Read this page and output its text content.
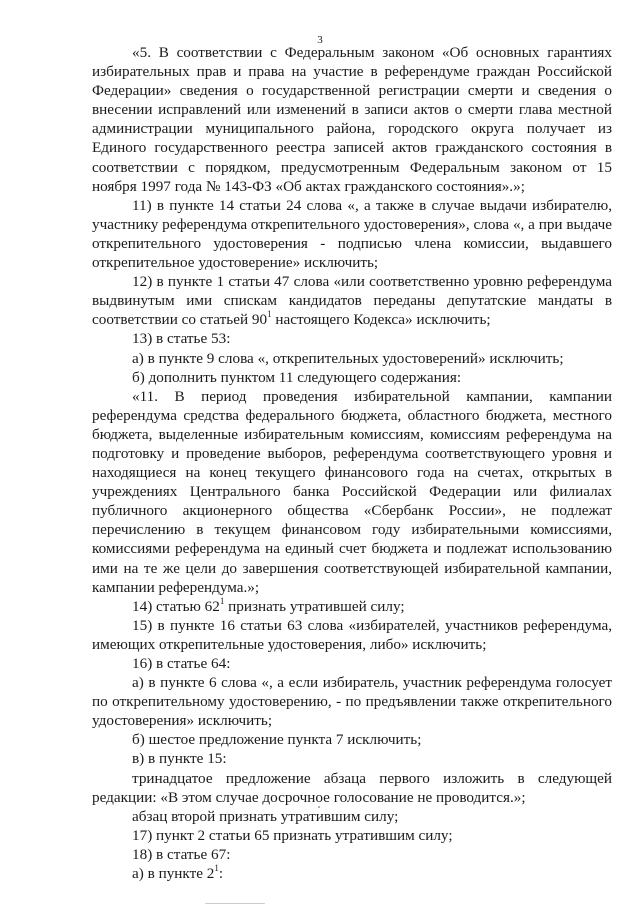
3

«5. В соответствии с Федеральным законом «Об основных гарантиях избирательных прав и права на участие в референдуме граждан Российской Федерации» сведения о государственной регистрации смерти и сведения о внесении исправлений или изменений в записи актов о смерти глава местной администрации муниципального района, городского округа получает из Единого государственного реестра записей актов гражданского состояния в соответствии с порядком, предусмотренным Федеральным законом от 15 ноября 1997 года № 143-ФЗ «Об актах гражданского состояния».»;

11) в пункте 14 статьи 24 слова «, а также в случае выдачи избирателю, участнику референдума открепительного удостоверения», слова «, а при выдаче открепительного удостоверения - подписью члена комиссии, выдавшего открепительное удостоверение» исключить;

12) в пункте 1 статьи 47 слова «или соответственно уровню референдума выдвинутым ими спискам кандидатов переданы депутатские мандаты в соответствии со статьей $90^1$ настоящего Кодекса» исключить;

13) в статье 53:

а) в пункте 9 слова «, открепительных удостоверений» исключить;

б) дополнить пунктом 11 следующего содержания:

«11. В период проведения избирательной кампании, кампании референдума средства федерального бюджета, областного бюджета, местного бюджета, выделенные избирательным комиссиям, комиссиям референдума на подготовку и проведение выборов, референдума соответствующего уровня и находящиеся на конец текущего финансового года на счетах, открытых в учреждениях Центрального банка Российской Федерации или филиалах публичного акционерного общества «Сбербанк России», не подлежат перечислению в текущем финансовом году избирательными комиссиями, комиссиями референдума на единый счет бюджета и подлежат использованию ими на те же цели до завершения соответствующей избирательной кампании, кампании референдума.»;

14) статью $62^1$ признать утратившей силу;

15) в пункте 16 статьи 63 слова «избирателей, участников референдума, имеющих открепительные удостоверения, либо» исключить;

16) в статье 64:

а) в пункте 6 слова «, а если избиратель, участник референдума голосует по открепительному удостоверению, - по предъявлении также открепительного удостоверения» исключить;

б) шестое предложение пункта 7 исключить;

в) в пункте 15:

тринадцатое предложение абзаца первого изложить в следующей редакции: «В этом случае досрочное голосование не проводится.»;

абзац второй признать утратившим силу;

17) пункт 2 статьи 65 признать утратившим силу;

18) в статье 67:

а) в пункте $2^1$:
